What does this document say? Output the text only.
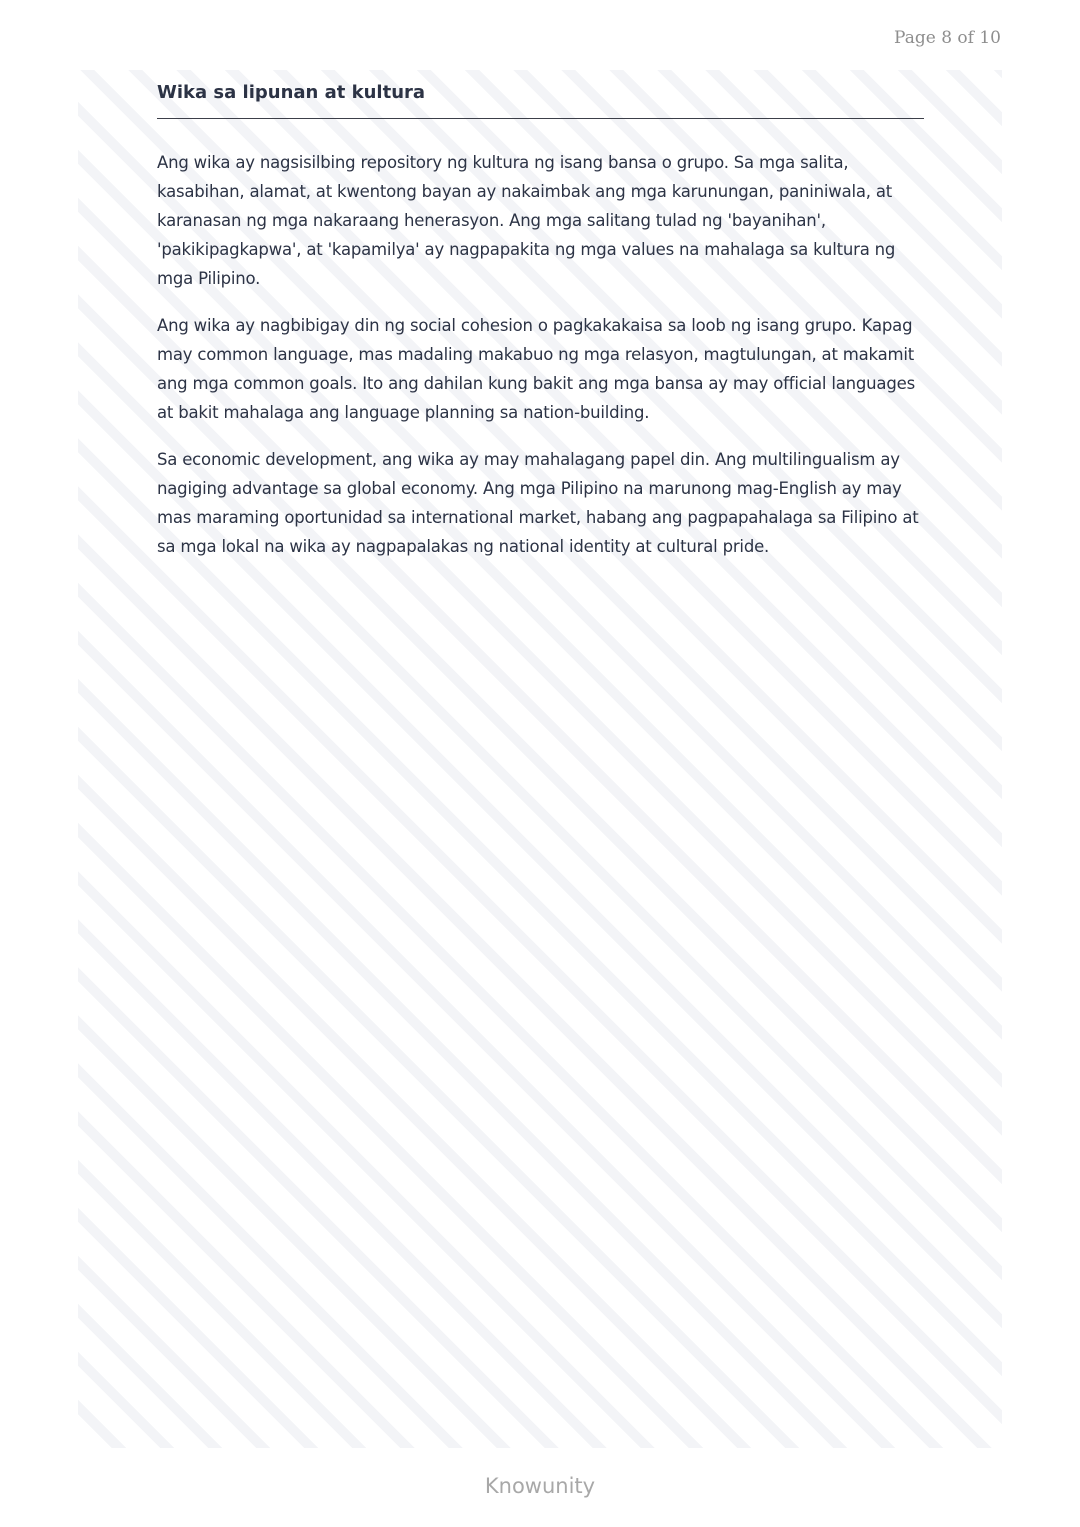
Page 8 of 10
Wika sa lipunan at kultura

Ang wika ay nagsisilbing repository ng kultura ng isang bansa o grupo. Sa mga salita, kasabihan, alamat, at kwentong bayan ay nakaimbak ang mga karunungan, paniniwala, at karanasan ng mga nakaraang henerasyon. Ang mga salitang tulad ng 'bayanihan', 'pakikipagkapwa', at 'kapamilya' ay nagpapakita ng mga values na mahalaga sa kultura ng mga Pilipino.

Ang wika ay nagbibigay din ng social cohesion o pagkakakaisa sa loob ng isang grupo. Kapag may common language, mas madaling makabuo ng mga relasyon, magtulungan, at makamit ang mga common goals. Ito ang dahilan kung bakit ang mga bansa ay may official languages at bakit mahalaga ang language planning sa nation-building.

Sa economic development, ang wika ay may mahalagang papel din. Ang multilingualism ay nagiging advantage sa global economy. Ang mga Pilipino na marunong mag-English ay may mas maraming oportunidad sa international market, habang ang pagpapahalaga sa Filipino at sa mga lokal na wika ay nagpapalakas ng national identity at cultural pride.

Knowunity
